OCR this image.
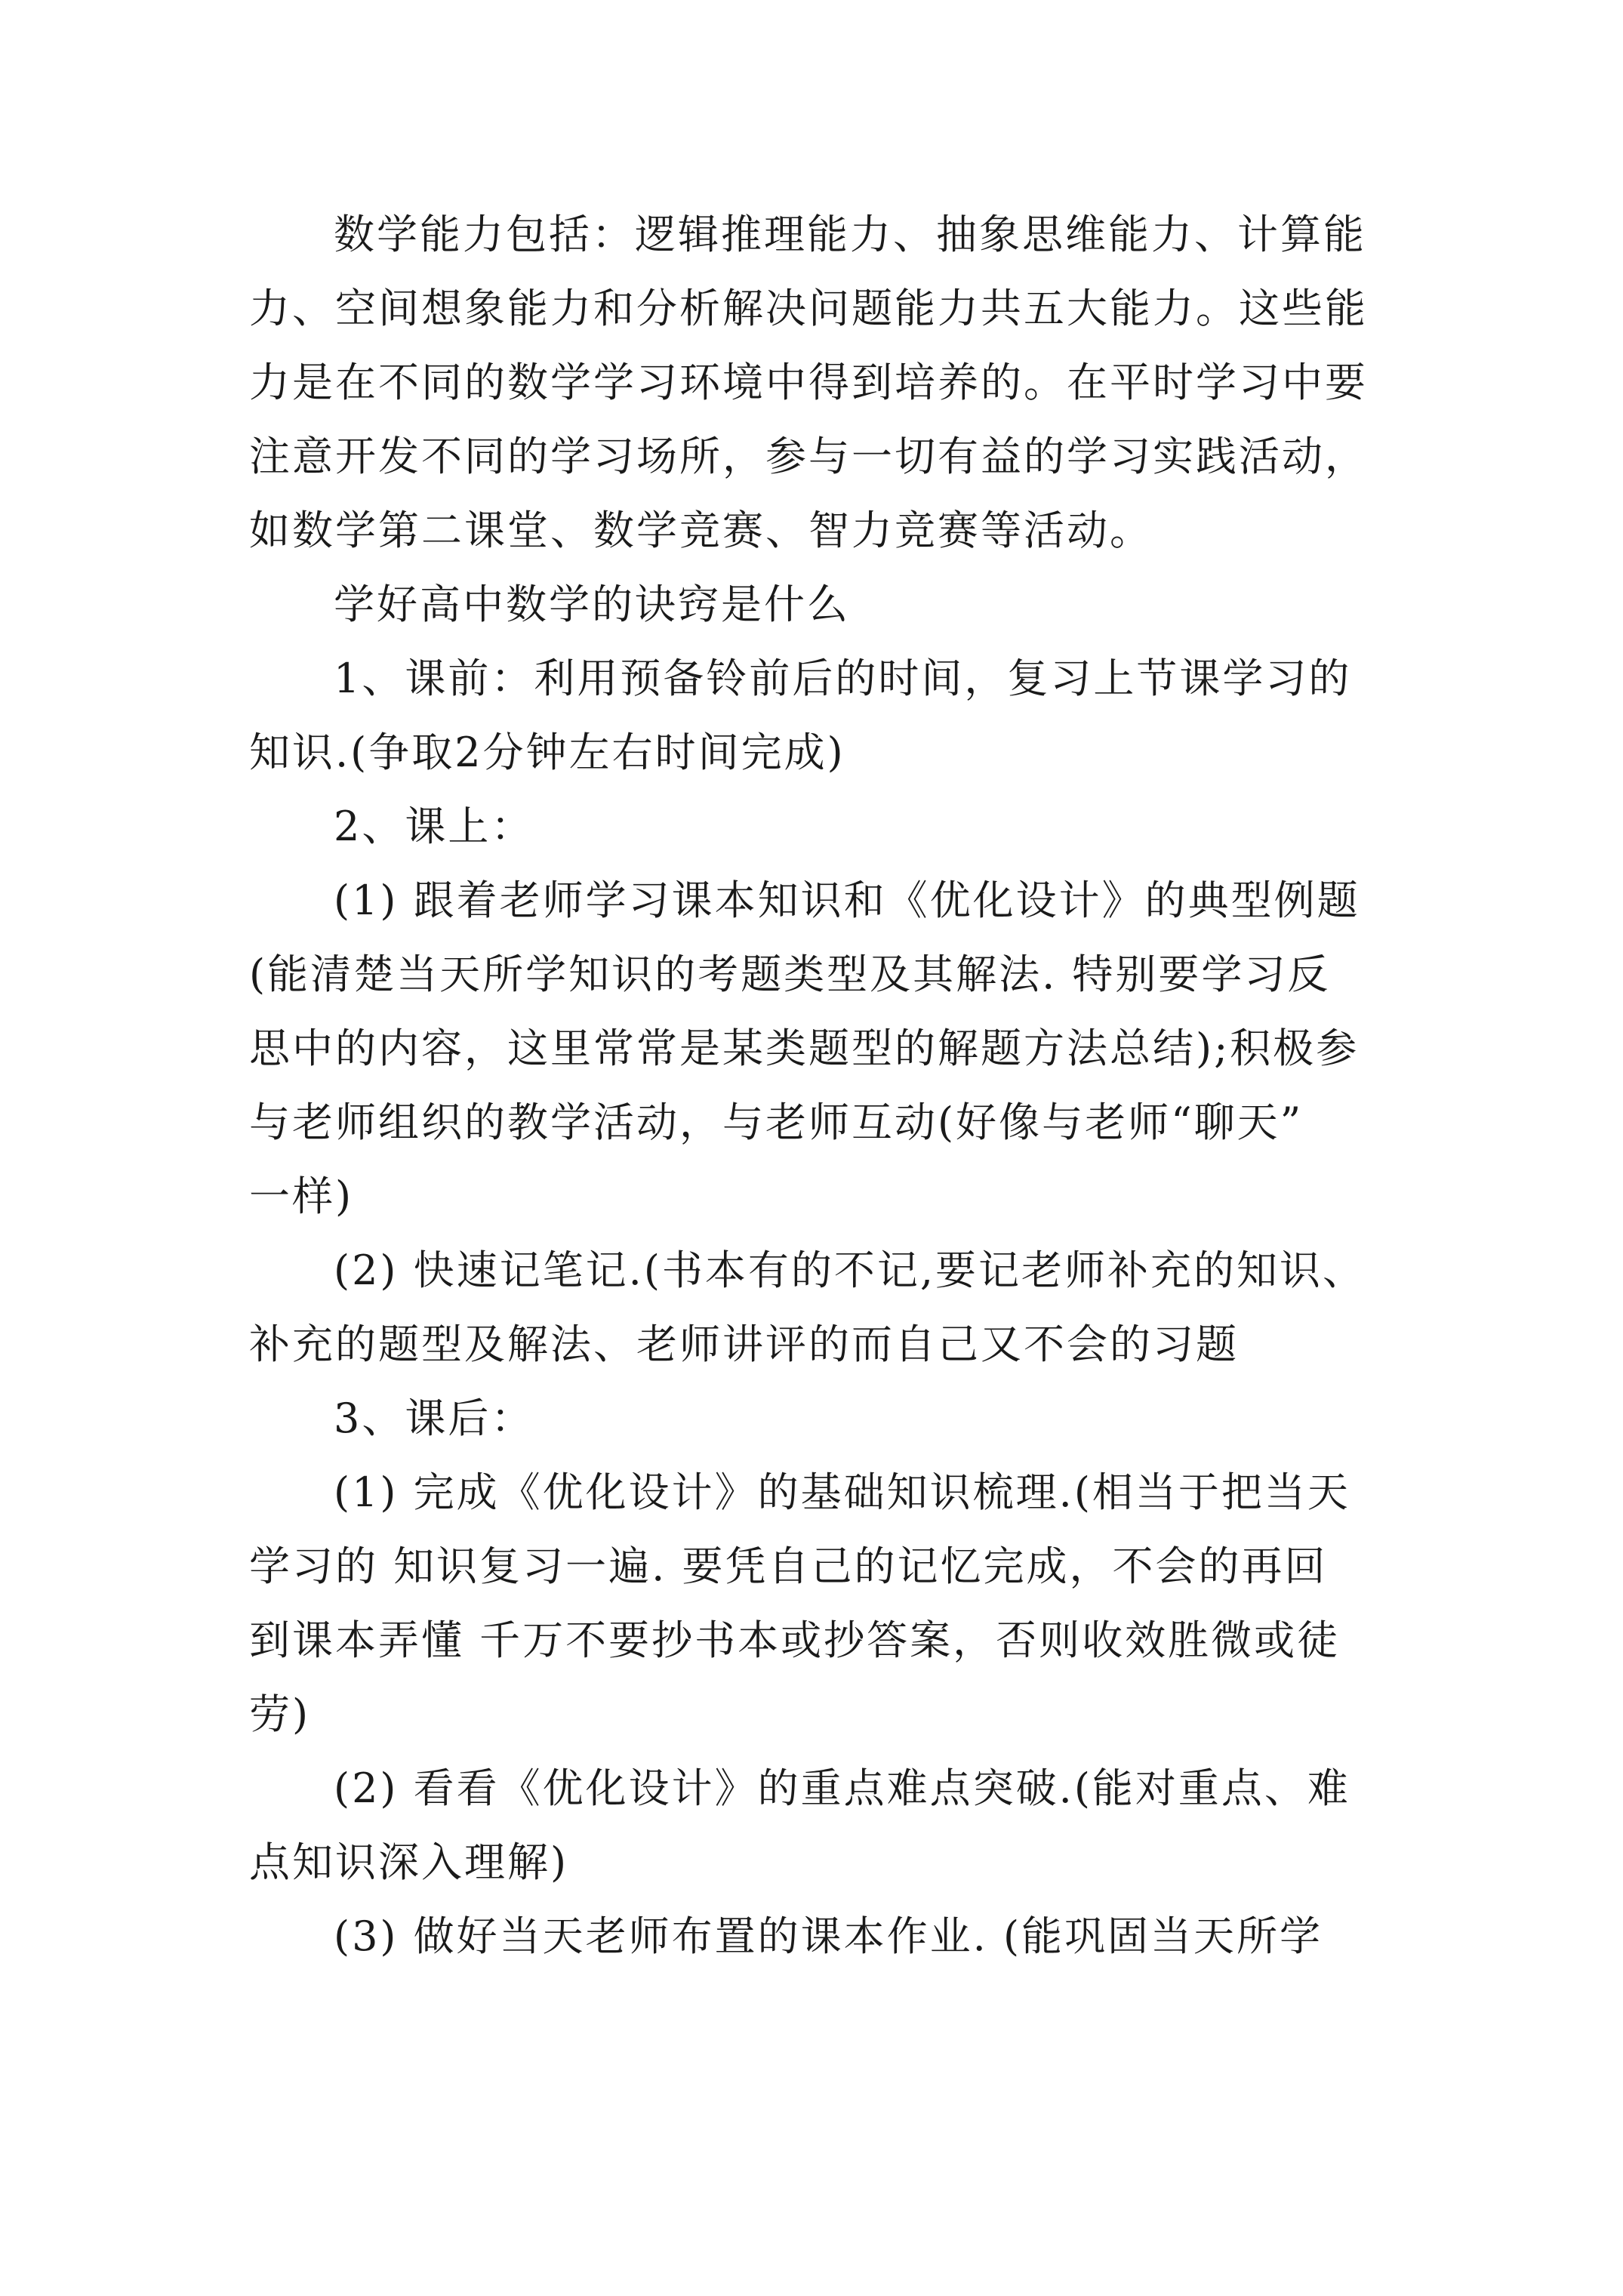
数学能力包括：逻辑推理能力、抽象思维能力、计算能
力、空间想象能力和分析解决问题能力共五大能力。这些能
力是在不同的数学学习环境中得到培养的。在平时学习中要
注意开发不同的学习场所，参与一切有益的学习实践活动，
如数学第二课堂、数学竞赛、智力竞赛等活动。
学好高中数学的诀窍是什么
1、课前：利用预备铃前后的时间，复习上节课学习的
知识.(争取2分钟左右时间完成)
2、课上：
(1) 跟着老师学习课本知识和《优化设计》的典型例题
(能清楚当天所学知识的考题类型及其解法. 特别要学习反
思中的内容，这里常常是某类题型的解题方法总结);积极参
与老师组织的教学活动，与老师互动(好像与老师“聊天”
一样)
(2) 快速记笔记.(书本有的不记,要记老师补充的知识、
补充的题型及解法、老师讲评的而自己又不会的习题
3、课后：
(1) 完成《优化设计》的基础知识梳理.(相当于把当天
学习的 知识复习一遍. 要凭自己的记忆完成，不会的再回
到课本弄懂 千万不要抄书本或抄答案，否则收效胜微或徒
劳)
(2) 看看《优化设计》的重点难点突破.(能对重点、难
点知识深入理解)
(3) 做好当天老师布置的课本作业. (能巩固当天所学
